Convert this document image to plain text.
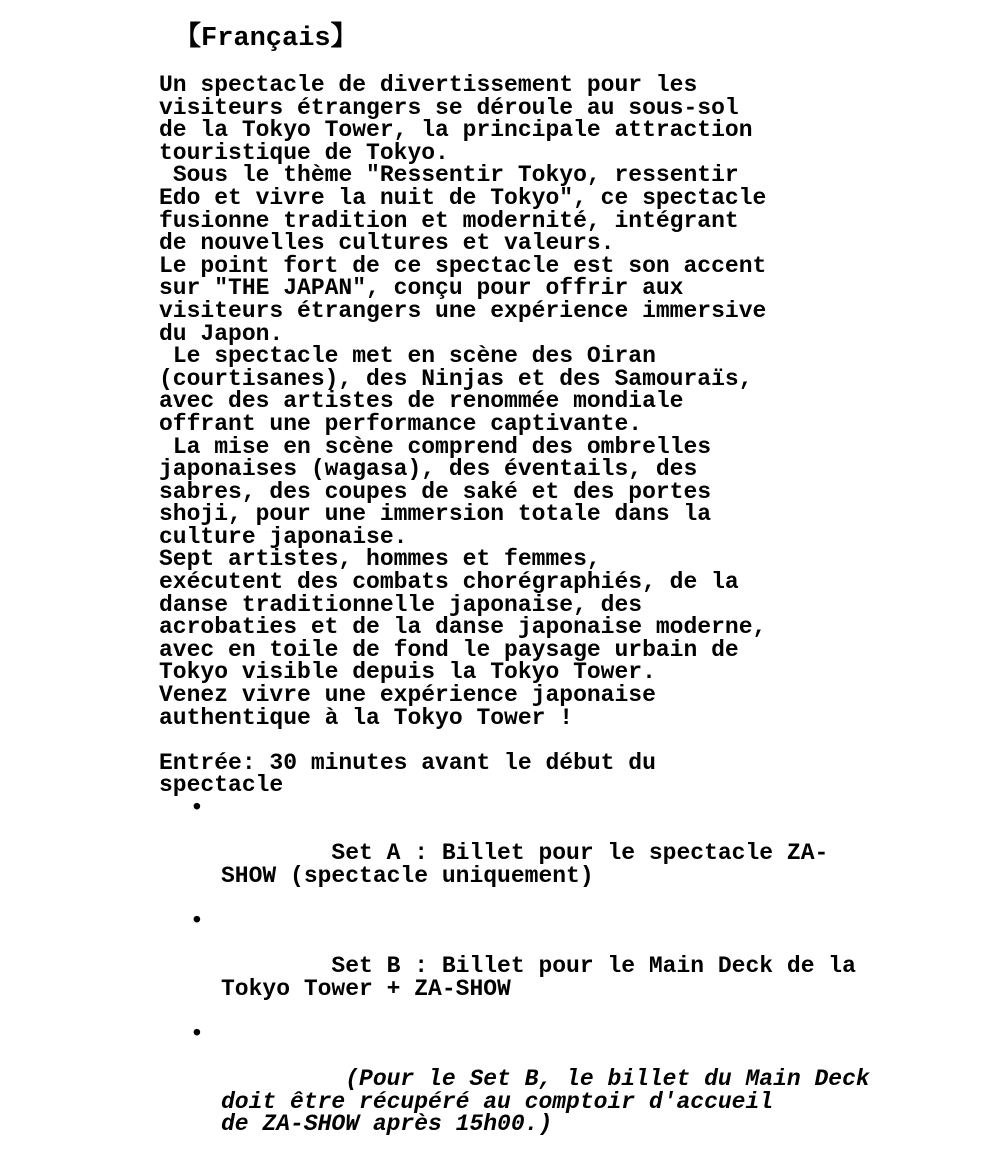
【Français】

Un spectacle de divertissement pour les
visiteurs étrangers se déroule au sous-sol
de la Tokyo Tower, la principale attraction
touristique de Tokyo.

Sous le thème "Ressentir Tokyo, ressentir
Edo et vivre la nuit de Tokyo", ce spectacle
fusionne tradition et modernité, intégrant
de nouvelles cultures et valeurs.

Le point fort de ce spectacle est son accent
sur "THE JAPAN", conçu pour offrir aux
visiteurs étrangers une expérience immersive
du Japon.

Le spectacle met en scène des Oiran
(courtisanes), des Ninjas et des Samouraïs,
avec des artistes de renommée mondiale
offrant une performance captivante.

La mise en scène comprend des ombrelles
japonaises (wagasa), des éventails, des
sabres, des coupes de saké et des portes
shoji, pour une immersion totale dans la
culture japonaise.

Sept artistes, hommes et femmes,
exécutent des combats chorégraphiés, de la
danse traditionnelle japonaise, des
acrobaties et de la danse japonaise moderne,
avec en toile de fond le paysage urbain de
Tokyo visible depuis la Tokyo Tower.

Venez vivre une expérience japonaise
authentique à la Tokyo Tower !

Entrée: 30 minutes avant le début du
spectacle

•

Set A : Billet pour le spectacle ZA-
SHOW (spectacle uniquement)

•

Set B : Billet pour le Main Deck de la
Tokyo Tower + ZA-SHOW

•

(Pour le Set B, le billet du Main Deck
doit être récupéré au comptoir d'accueil
de ZA-SHOW après 15h00.)
